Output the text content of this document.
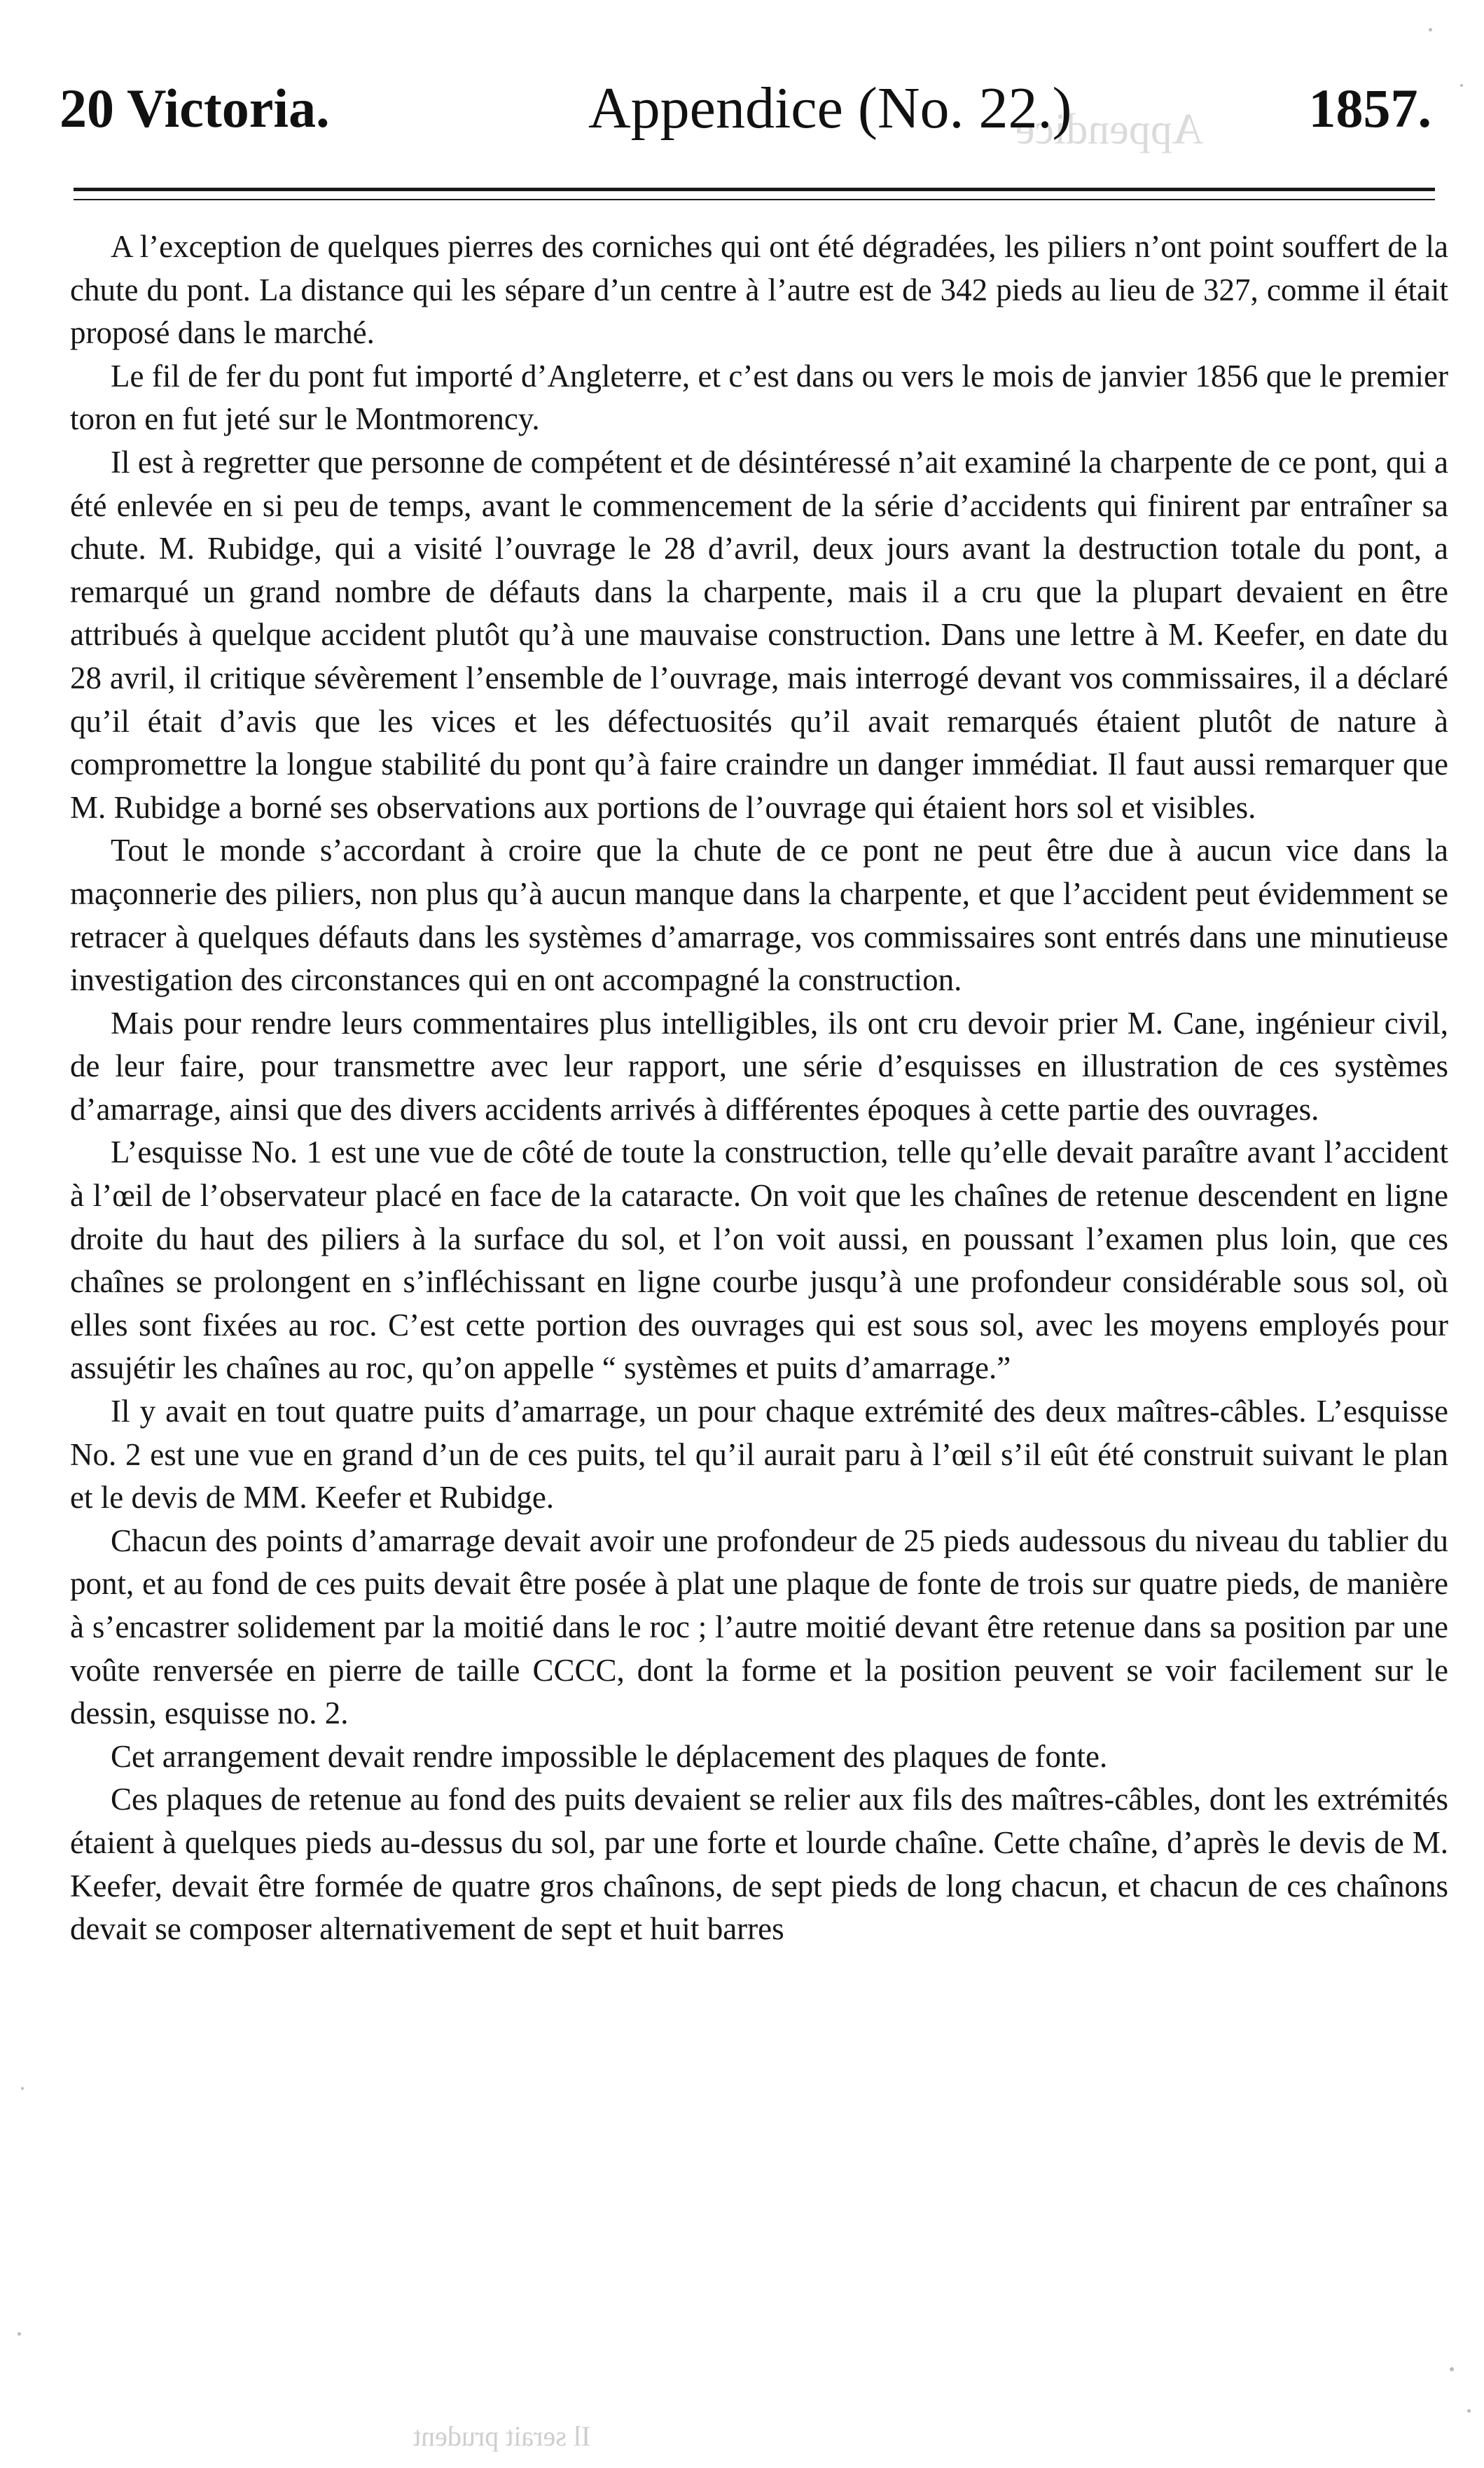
Appendice
20 Victoria.	Appendice (No. 22.)	1857.

A l’exception de quelques pierres des corniches qui ont été dégradées, les piliers n’ont point souffert de la chute du pont. La distance qui les sépare d’un centre à l’autre est de 342 pieds au lieu de 327, comme il était proposé dans le marché.

Le fil de fer du pont fut importé d’Angleterre, et c’est dans ou vers le mois de janvier 1856 que le premier toron en fut jeté sur le Montmorency.

Il est à regretter que personne de compétent et de désintéressé n’ait examiné la charpente de ce pont, qui a été enlevée en si peu de temps, avant le commencement de la série d’accidents qui finirent par entraîner sa chute. M. Rubidge, qui a visité l’ouvrage le 28 d’avril, deux jours avant la destruction totale du pont, a remarqué un grand nombre de défauts dans la charpente, mais il a cru que la plupart devaient en être attribués à quelque accident plutôt qu’à une mauvaise construction. Dans une lettre à M. Keefer, en date du 28 avril, il critique sévèrement l’ensemble de l’ouvrage, mais interrogé devant vos commissaires, il a déclaré qu’il était d’avis que les vices et les défectuosités qu’il avait remarqués étaient plutôt de nature à compromettre la longue stabilité du pont qu’à faire craindre un danger immédiat. Il faut aussi remarquer que M. Rubidge a borné ses observations aux portions de l’ouvrage qui étaient hors sol et visibles.

Tout le monde s’accordant à croire que la chute de ce pont ne peut être due à aucun vice dans la maçonnerie des piliers, non plus qu’à aucun manque dans la charpente, et que l’accident peut évidemment se retracer à quelques défauts dans les systèmes d’amarrage, vos commissaires sont entrés dans une minutieuse investigation des circonstances qui en ont accompagné la construction.

Mais pour rendre leurs commentaires plus intelligibles, ils ont cru devoir prier M. Cane, ingénieur civil, de leur faire, pour transmettre avec leur rapport, une série d’esquisses en illustration de ces systèmes d’amarrage, ainsi que des divers accidents arrivés à différentes époques à cette partie des ouvrages.

L’esquisse No. 1 est une vue de côté de toute la construction, telle qu’elle devait paraître avant l’accident à l’œil de l’observateur placé en face de la cataracte. On voit que les chaînes de retenue descendent en ligne droite du haut des piliers à la surface du sol, et l’on voit aussi, en poussant l’examen plus loin, que ces chaînes se prolongent en s’infléchissant en ligne courbe jusqu’à une profondeur considérable sous sol, où elles sont fixées au roc. C’est cette portion des ouvrages qui est sous sol, avec les moyens employés pour assujétir les chaînes au roc, qu’on appelle “ systèmes et puits d’amarrage.”

Il y avait en tout quatre puits d’amarrage, un pour chaque extrémité des deux maîtres-câbles. L’esquisse No. 2 est une vue en grand d’un de ces puits, tel qu’il aurait paru à l’œil s’il eût été construit suivant le plan et le devis de MM. Keefer et Rubidge.

Chacun des points d’amarrage devait avoir une profondeur de 25 pieds audessous du niveau du tablier du pont, et au fond de ces puits devait être posée à plat une plaque de fonte de trois sur quatre pieds, de manière à s’encastrer solidement par la moitié dans le roc ; l’autre moitié devant être retenue dans sa position par une voûte renversée en pierre de taille CCCC, dont la forme et la position peuvent se voir facilement sur le dessin, esquisse no. 2.

Cet arrangement devait rendre impossible le déplacement des plaques de fonte.

Ces plaques de retenue au fond des puits devaient se relier aux fils des maîtres-câbles, dont les extrémités étaient à quelques pieds au-dessus du sol, par une forte et lourde chaîne. Cette chaîne, d’après le devis de M. Keefer, devait être formée de quatre gros chaînons, de sept pieds de long chacun, et chacun de ces chaînons devait se composer alternativement de sept et huit barres

Il serait prudent
